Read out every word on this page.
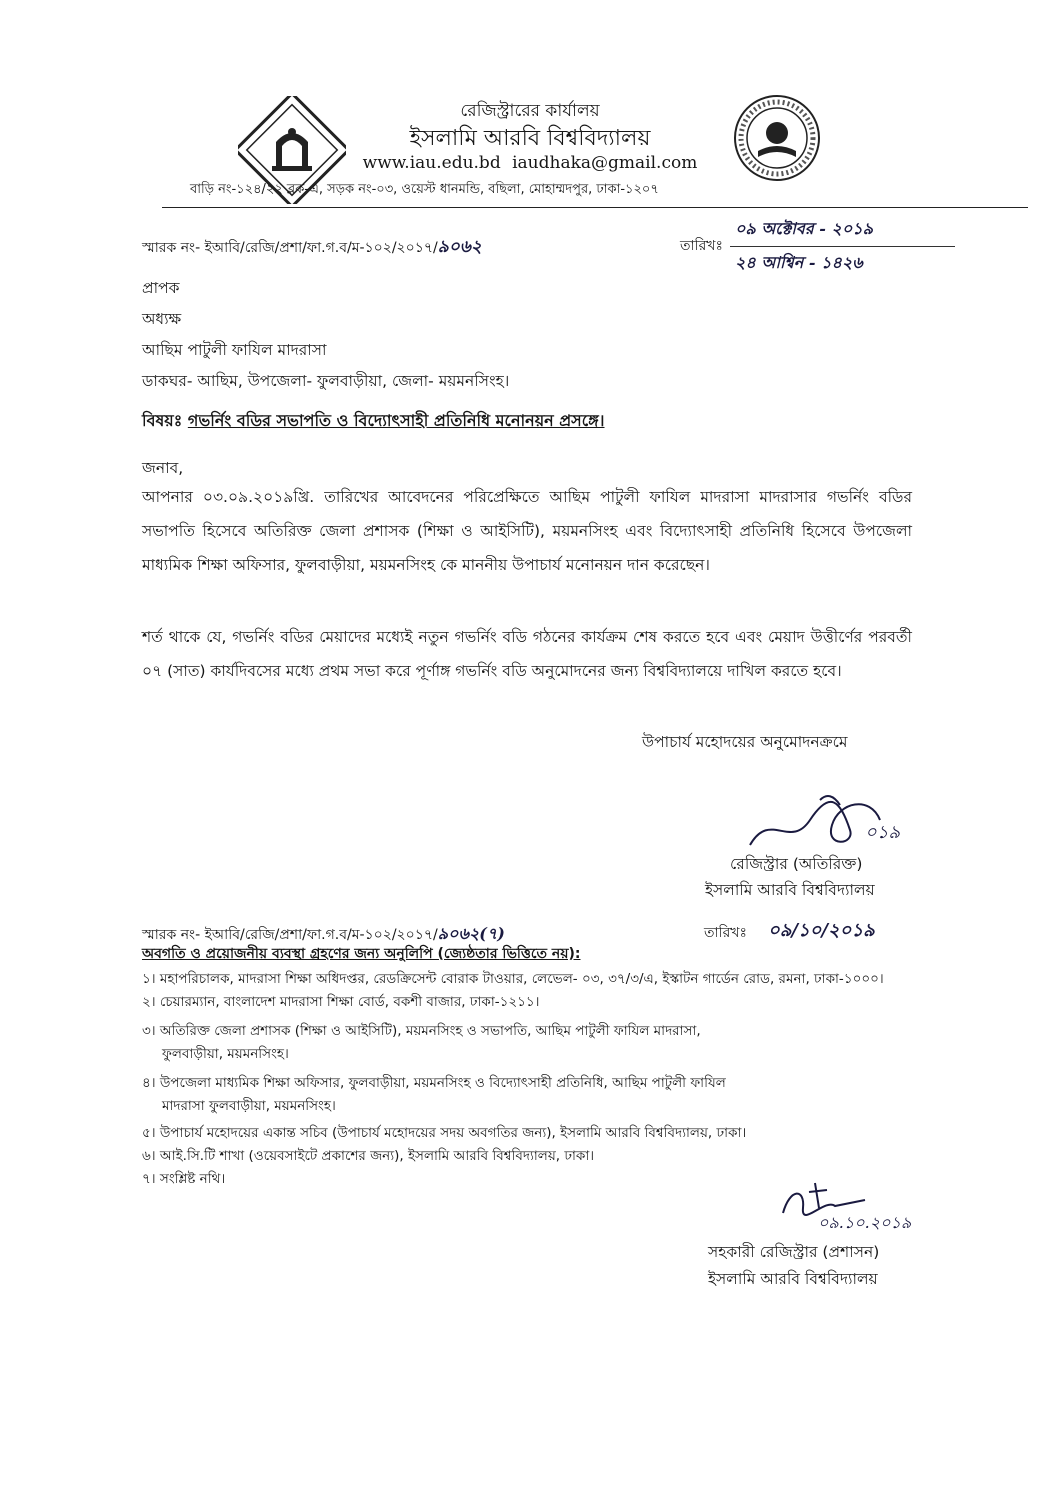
রেজিস্ট্রারের কার্যালয়
ইসলামি আরবি বিশ্ববিদ্যালয়
www.iau.edu.bd iaudhaka@gmail.com
বাড়ি নং-১২৪/২২ ব্লক-এ, সড়ক নং-০৩, ওয়েস্ট ধানমন্ডি, বছিলা, মোহাম্মদপুর, ঢাকা-১২০৭
স্মারক নং- ইআবি/রেজি/প্রশা/ফা.গ.ব/ম-১০২/২০১৭/৯০৬২	তারিখঃ
০৯ অক্টোবর - ২০১৯
২৪ আশ্বিন - ১৪২৬
প্রাপক
অধ্যক্ষ
আছিম পাটুলী ফাযিল মাদরাসা
ডাকঘর- আছিম, উপজেলা- ফুলবাড়ীয়া, জেলা- ময়মনসিংহ।
বিষয়ঃ গভর্নিং বডির সভাপতি ও বিদ্যোৎসাহী প্রতিনিধি মনোনয়ন প্রসঙ্গে।
জনাব,
আপনার ০৩.০৯.২০১৯খ্রি. তারিখের আবেদনের পরিপ্রেক্ষিতে আছিম পাটুলী ফাযিল মাদরাসা মাদরাসার গভর্নিং বডির সভাপতি হিসেবে অতিরিক্ত জেলা প্রশাসক (শিক্ষা ও আইসিটি), ময়মনসিংহ এবং বিদ্যোৎসাহী প্রতিনিধি হিসেবে উপজেলা মাধ্যমিক শিক্ষা অফিসার, ফুলবাড়ীয়া, ময়মনসিংহ কে মাননীয় উপাচার্য মনোনয়ন দান করেছেন।
শর্ত থাকে যে, গভর্নিং বডির মেয়াদের মধ্যেই নতুন গভর্নিং বডি গঠনের কার্যক্রম শেষ করতে হবে এবং মেয়াদ উত্তীর্ণের পরবর্তী ০৭ (সাত) কার্যদিবসের মধ্যে প্রথম সভা করে পূর্ণাঙ্গ গভর্নিং বডি অনুমোদনের জন্য বিশ্ববিদ্যালয়ে দাখিল করতে হবে।
উপাচার্য মহোদয়ের অনুমোদনক্রমে
০১৯
রেজিস্ট্রার (অতিরিক্ত)
ইসলামি আরবি বিশ্ববিদ্যালয়
স্মারক নং- ইআবি/রেজি/প্রশা/ফা.গ.ব/ম-১০২/২০১৭/৯০৬২(৭)	তারিখঃ ০৯/১০/২০১৯
অবগতি ও প্রয়োজনীয় ব্যবস্থা গ্রহণের জন্য অনুলিপি (জ্যেষ্ঠতার ভিত্তিতে নয়):
১। মহাপরিচালক, মাদরাসা শিক্ষা অধিদপ্তর, রেডক্রিসেন্ট বোরাক টাওয়ার, লেভেল- ০৩, ৩৭/৩/এ, ইস্কাটন গার্ডেন রোড, রমনা, ঢাকা-১০০০।
২। চেয়ারম্যান, বাংলাদেশ মাদরাসা শিক্ষা বোর্ড, বকশী বাজার, ঢাকা-১২১১।
৩। অতিরিক্ত জেলা প্রশাসক (শিক্ষা ও আইসিটি), ময়মনসিংহ ও সভাপতি, আছিম পাটুলী ফাযিল মাদরাসা,
ফুলবাড়ীয়া, ময়মনসিংহ।
৪। উপজেলা মাধ্যমিক শিক্ষা অফিসার, ফুলবাড়ীয়া, ময়মনসিংহ ও বিদ্যোৎসাহী প্রতিনিধি, আছিম পাটুলী ফাযিল
মাদরাসা ফুলবাড়ীয়া, ময়মনসিংহ।
৫। উপাচার্য মহোদয়ের একান্ত সচিব (উপাচার্য মহোদয়ের সদয় অবগতির জন্য), ইসলামি আরবি বিশ্ববিদ্যালয়, ঢাকা।
৬। আই.সি.টি শাখা (ওয়েবসাইটে প্রকাশের জন্য), ইসলামি আরবি বিশ্ববিদ্যালয়, ঢাকা।
৭। সংশ্লিষ্ট নথি।
০৯.১০.২০১৯
সহকারী রেজিস্ট্রার (প্রশাসন)
ইসলামি আরবি বিশ্ববিদ্যালয়
